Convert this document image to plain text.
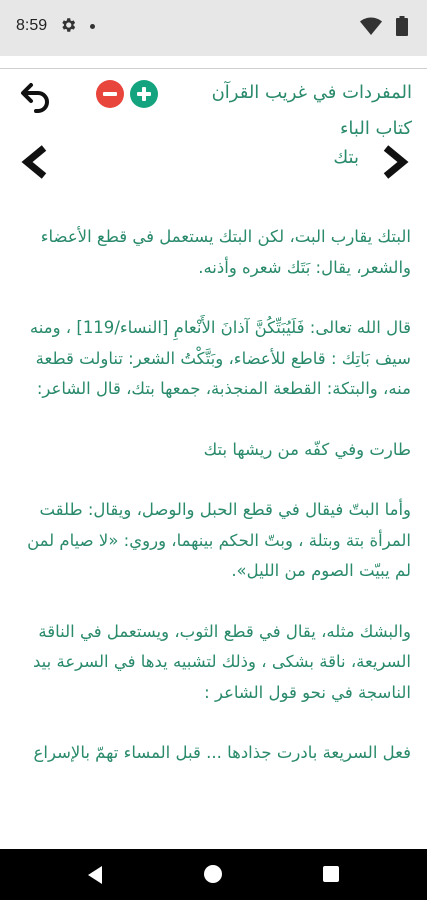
8:59
المفردات في غريب القرآن
كتاب الباء
بتك

البتك يقارب البت، لكن البتك يستعمل في قطع الأعضاء والشعر، يقال: بَتَك شعره وأذنه.

قال الله تعالى: فَلَيُبَتِّكُنَّ آذانَ الأَنْعامِ [النساء/119] ، ومنه سيف بَاتِك : قاطع للأعضاء، وبَتَّكْتُ الشعر: تناولت قطعة منه، والبتكة: القطعة المنجذبة، جمعها بتك، قال الشاعر:

طارت وفي كفّه من ريشها بتك

وأما البتّ فيقال في قطع الحبل والوصل، ويقال: طلقت المرأة بتة وبتلة ، وبتّ الحكم بينهما، وروي: «لا صيام لمن لم يبيّت الصوم من الليل».

والبشك مثله، يقال في قطع الثوب، ويستعمل في الناقة السريعة، ناقة بشكى ، وذلك لتشبيه يدها في السرعة بيد الناسجة في نحو قول الشاعر :

فعل السريعة بادرت جذادها ... قبل المساء تهمّ بالإسراع
